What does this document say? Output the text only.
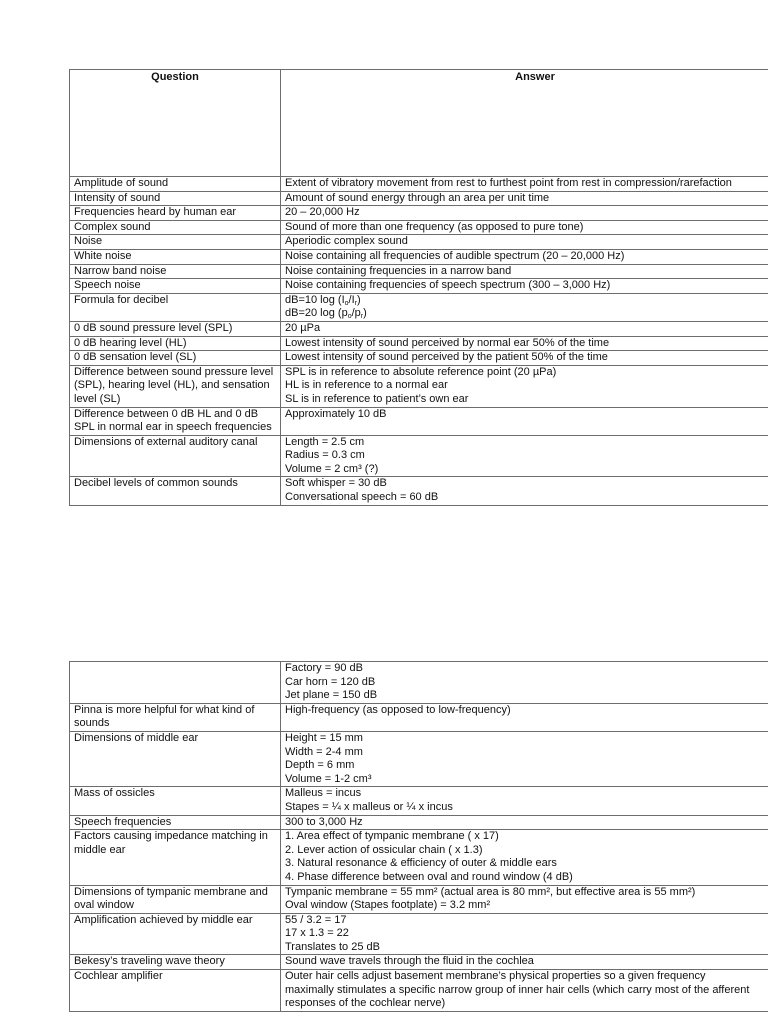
Question	Answer

Amplitude of sound	Extent of vibratory movement from rest to furthest point from rest in compression/rarefaction

Intensity of sound	Amount of sound energy through an area per unit time

Frequencies heard by human ear	20 – 20,000 Hz

Complex sound	Sound of more than one frequency (as opposed to pure tone)

Noise	Aperiodic complex sound

White noise	Noise containing all frequencies of audible spectrum (20 – 20,000 Hz)

Narrow band noise	Noise containing frequencies in a narrow band

Speech noise	Noise containing frequencies of speech spectrum (300 – 3,000 Hz)

Formula for decibel	dB=10 $\log (I_o/I_r)$
dB=20 $\log (p_o/p_r)$

0 dB sound pressure level (SPL)	20 µPa

0 dB hearing level (HL)	Lowest intensity of sound perceived by normal ear 50% of the time

0 dB sensation level (SL)	Lowest intensity of sound perceived by the patient 50% of the time

Difference between sound pressure level (SPL), hearing level (HL), and sensation level (SL)	SPL is in reference to absolute reference point (20 µPa)
HL is in reference to a normal ear
SL is in reference to patient’s own ear

Difference between 0 dB HL and 0 dB SPL in normal ear in speech frequencies	Approximately 10 dB

Dimensions of external auditory canal	Length = 2.5 cm
Radius = 0.3 cm
Volume = 2 cm³ (?)

Decibel levels of common sounds	Soft whisper = 30 dB
Conversational speech = 60 dB

	Factory = 90 dB
Car horn = 120 dB
Jet plane = 150 dB

Pinna is more helpful for what kind of sounds	High-frequency (as opposed to low-frequency)

Dimensions of middle ear	Height = 15 mm
Width = 2-4 mm
Depth = 6 mm
Volume = 1-2 cm³

Mass of ossicles	Malleus = incus
Stapes = ¼ x malleus or ¼ x incus

Speech frequencies	300 to 3,000 Hz

Factors causing impedance matching in middle ear	1. Area effect of tympanic membrane ( x 17)
2. Lever action of ossicular chain ( x 1.3)
3. Natural resonance & efficiency of outer & middle ears
4. Phase difference between oval and round window (4 dB)

Dimensions of tympanic membrane and oval window	Tympanic membrane = 55 mm² (actual area is 80 mm², but effective area is 55 mm²)
Oval window (Stapes footplate) = 3.2 mm²

Amplification achieved by middle ear	55 / 3.2 = 17
17 x 1.3 = 22
Translates to 25 dB

Bekesy’s traveling wave theory	Sound wave travels through the fluid in the cochlea

Cochlear amplifier	Outer hair cells adjust basement membrane’s physical properties so a given frequency
maximally stimulates a specific narrow group of inner hair cells (which carry most of the afferent
responses of the cochlear nerve)
